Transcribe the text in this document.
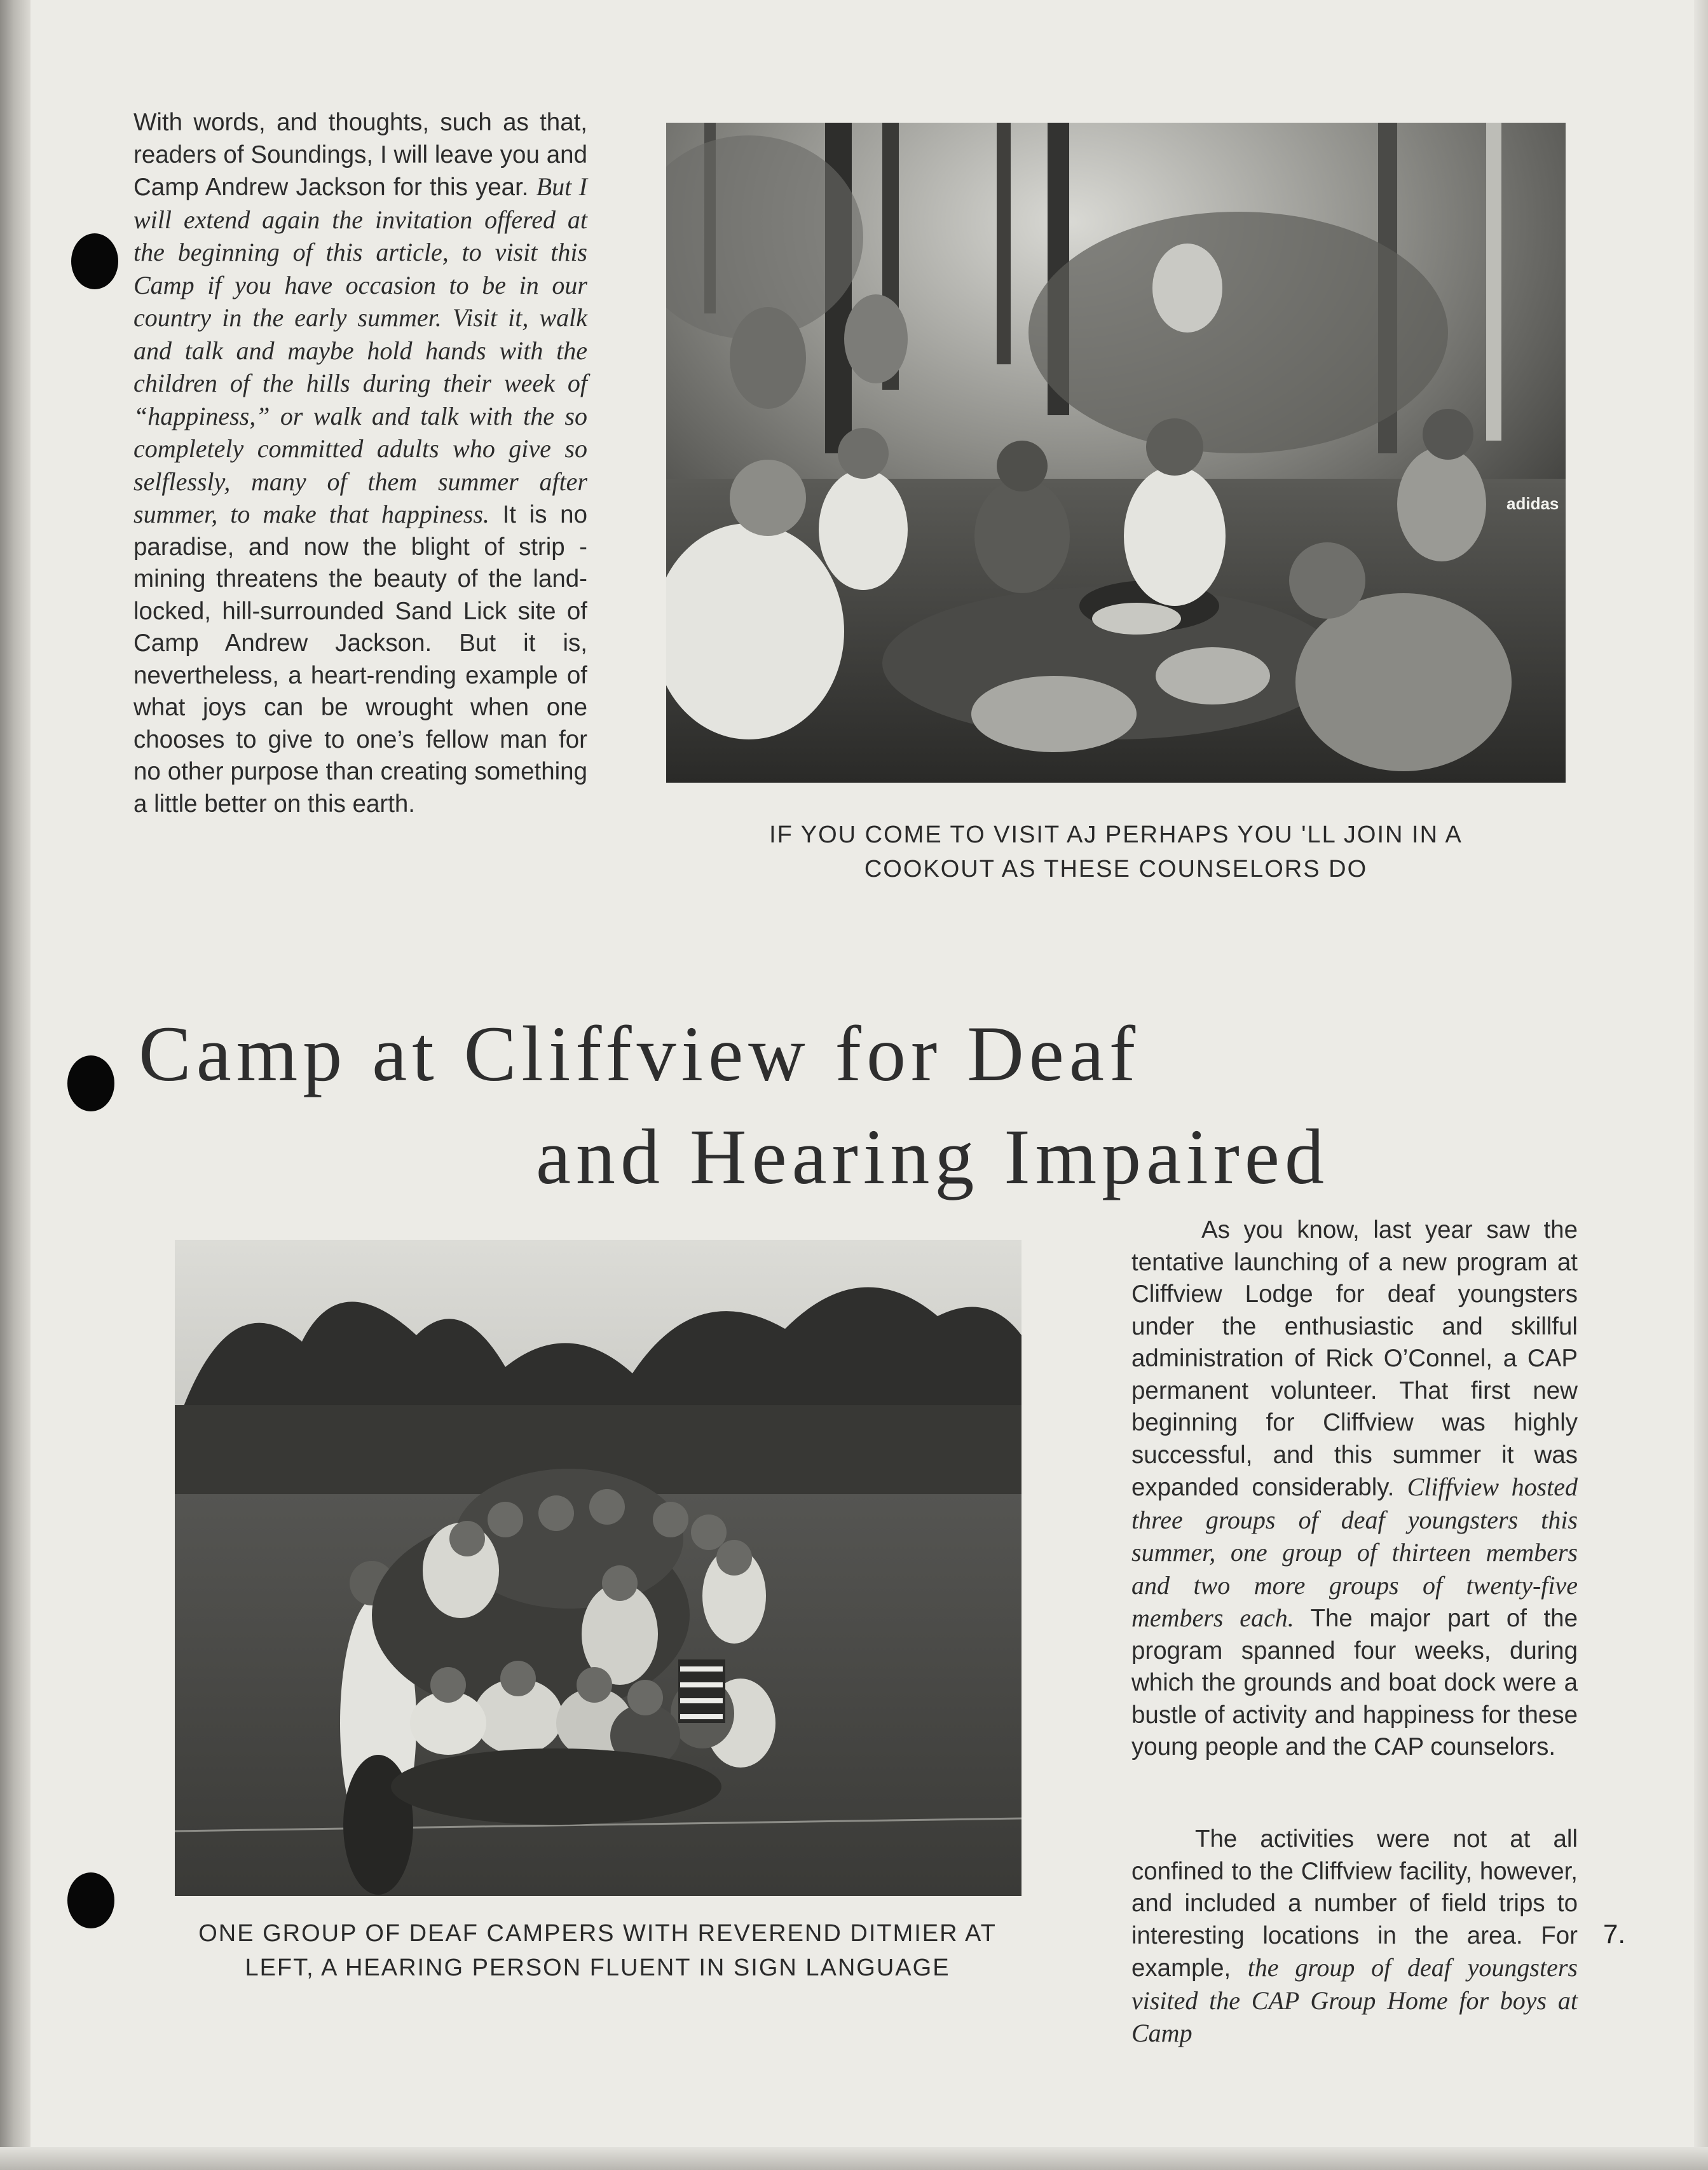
With words, and thoughts, such as that, readers of Soundings, I will leave you and Camp Andrew Jackson for this year. But I will extend again the invitation offered at the beginning of this article, to visit this Camp if you have occasion to be in our country in the early summer. Visit it, walk and talk and maybe hold hands with the children of the hills during their week of “happiness,” or walk and talk with the so completely committed adults who give so selflessly, many of them summer after summer, to make that happiness. It is no paradise, and now the blight of strip -mining threatens the beauty of the land-locked, hill-surrounded Sand Lick site of Camp Andrew Jackson. But it is, nevertheless, a heart-rending example of what joys can be wrought when one chooses to give to one’s fellow man for no other purpose than creating something a little better on this earth.

adidas

IF YOU COME TO VISIT AJ PERHAPS YOU 'LL JOIN IN A
COOKOUT AS THESE COUNSELORS DO

Camp at Cliffview for Deaf
and Hearing Impaired

ONE GROUP OF DEAF CAMPERS WITH REVEREND DITMIER AT
LEFT, A HEARING PERSON FLUENT IN SIGN LANGUAGE

As you know, last year saw the tentative launching of a new program at Cliffview Lodge for deaf youngsters under the enthusiastic and skillful administration of Rick O’Connel, a CAP permanent volunteer. That first new beginning for Cliffview was highly successful, and this summer it was expanded considerably. Cliffview hosted three groups of deaf youngsters this summer, one group of thirteen members and two more groups of twenty-five members each. The major part of the program spanned four weeks, during which the grounds and boat dock were a bustle of activity and happiness for these young people and the CAP counselors.

The activities were not at all confined to the Cliffview facility, however, and included a number of field trips to interesting locations in the area. For example, the group of deaf youngsters visited the CAP Group Home for boys at Camp

7.
